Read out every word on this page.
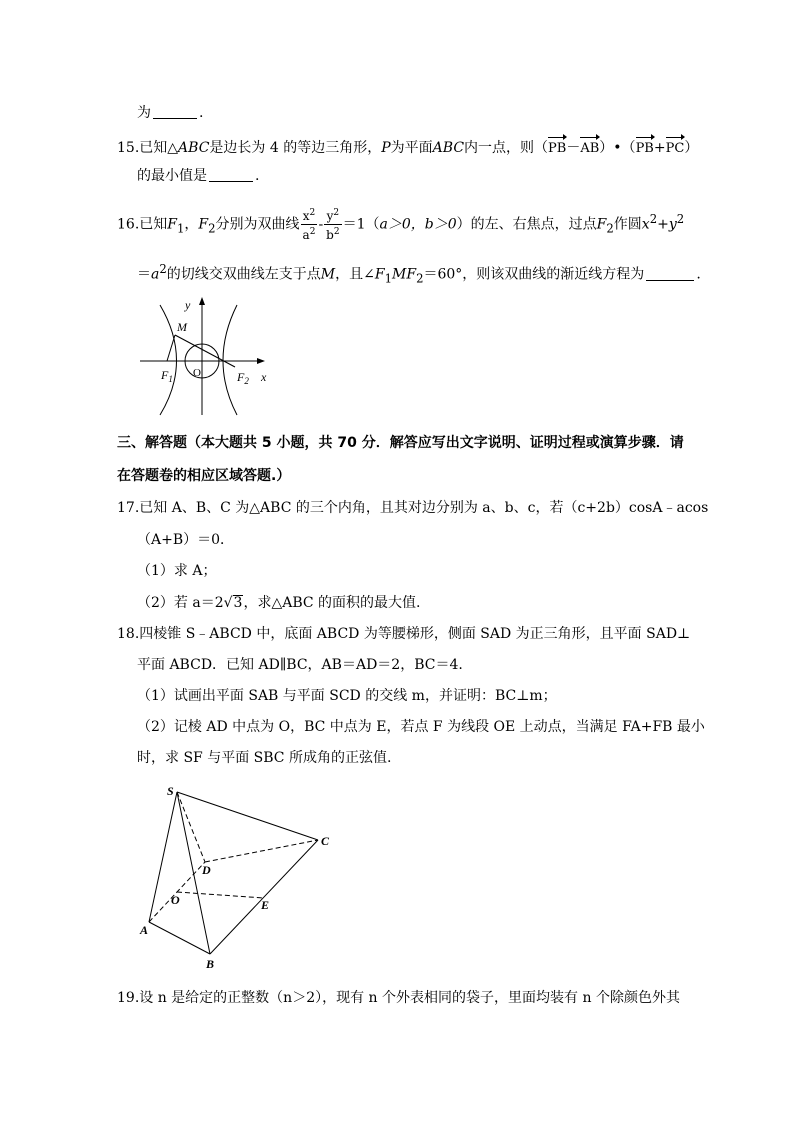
为	.
15.已知△ABC是边长为 4 的等边三角形，P为平面ABC内一点，则（PB－AB）•（PB+PC）
的最小值是	.
16.已知$F_1$，$F_2$分别为双曲线 $\frac{x^2}{a^2} - \frac{y^2}{b^2} =1(a>0$，b＞0）的左、右焦点，过点$F_2$作圆$x^2+y^2$
$=a^2$的切线交双曲线左支于点M，且$\angle F_1MF_2=60^\circ$，则该双曲线的渐近线方程为	.
y
M
O
$F_1$	$F_2$ x
三、解答题（本大题共 5 小题，共 70 分．解答应写出文字说明、证明过程或演算步骤．请
在答题卷的相应区域答题.）
17.已知 A、B、C 为△ABC 的三个内角，且其对边分别为 a、b、c，若（c+2b）cosA﹣acos
（A+B）＝0．
（1）求 A；
（2）若 a＝2√3，求△ABC 的面积的最大值.
18.四棱锥 S﹣ABCD 中，底面 ABCD 为等腰梯形，侧面 SAD 为正三角形，且平面 SAD⊥
平面 ABCD．已知 AD∥BC，AB＝AD＝2，BC＝4.
（1）试画出平面 SAB 与平面 SCD 的交线 m，并证明：BC⊥m；
（2）记棱 AD 中点为 O，BC 中点为 E，若点 F 为线段 OE 上动点，当满足 FA+FB 最小
时，求 SF 与平面 SBC 所成角的正弦值.
S
C
D
O	E
A
B
19.设 n 是给定的正整数（n＞2），现有 n 个外表相同的袋子，里面均装有 n 个除颜色外其
